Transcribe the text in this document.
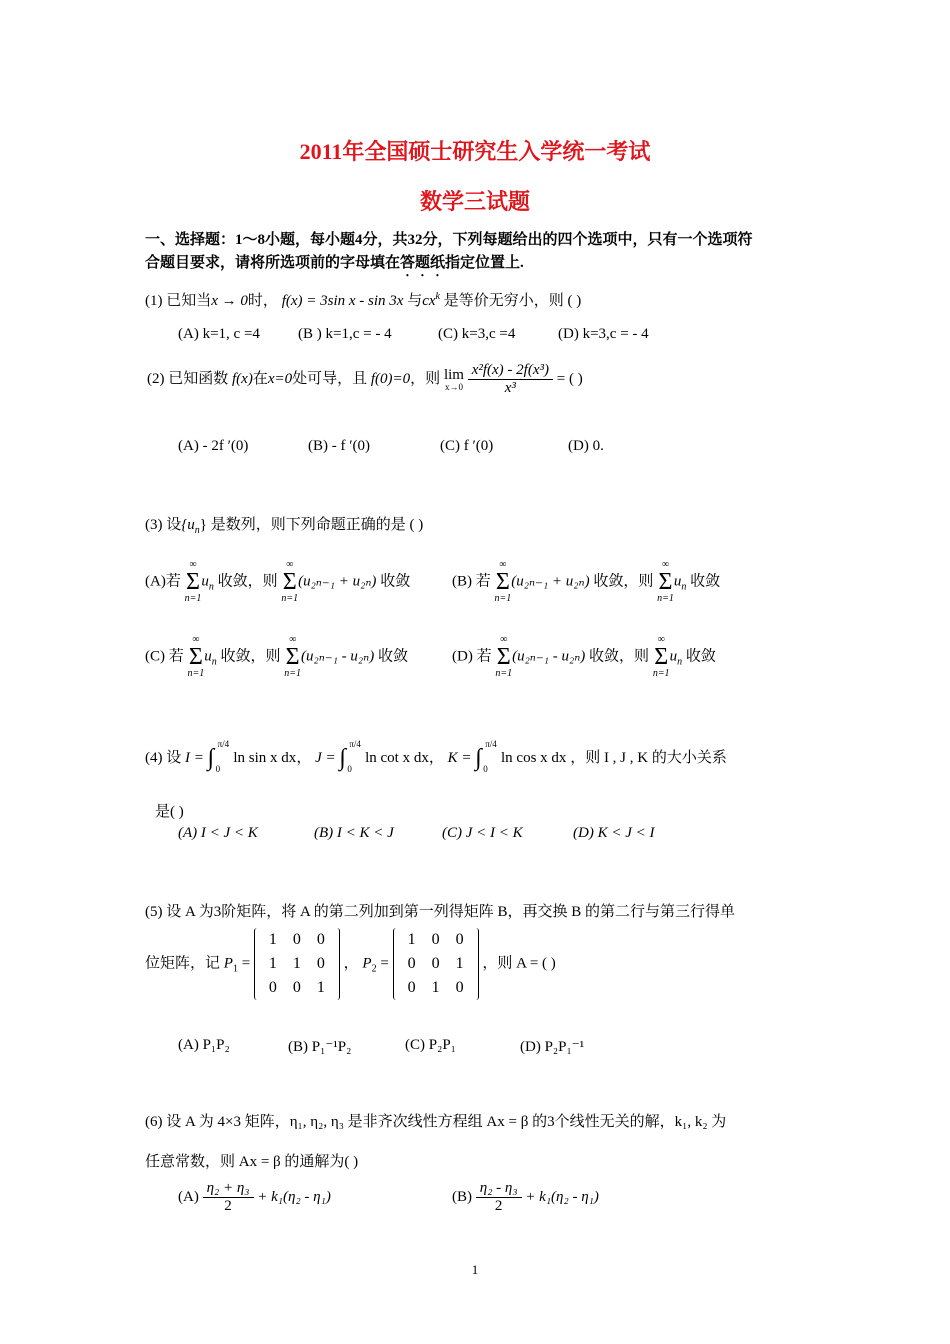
2011年全国硕士研究生入学统一考试
数学三试题
一、选择题：1～8小题，每小题4分，共32分，下列每题给出的四个选项中，只有一个选项符
合题目要求，请将所选项前的字母填在答题纸指定位置上.
(1) 已知当x → 0时， f(x) = 3sin x - sin 3x 与$cx^k$ 是等价无穷小，则 ( )
(A) k=1, c =4	(B ) k=1,c = - 4	(C) k=3,c =4	(D) k=3,c = - 4
(2) 已知函数 f(x)在x=0处可导，且 f(0)=0，则 lim
x→0
$\frac{\text{x²f(x) - 2f(x³)}}{\text{x³}}$ = ( )
(A) - 2f ′(0)	(B) - f ′(0)	(C) f ′(0)	(D) 0.
(3) 设$\{u_n\}$ 是数列，则下列命题正确的是 ( )
(A)若 ∞
Σ
$n=1u_n$ 收敛，则 ∞
Σ
n=1(u₂ₙ₋₁ + u₂ₙ) 收敛	(B) 若 ∞
Σ
n=1(u₂ₙ₋₁ + u₂ₙ) 收敛，则 ∞
Σ
$n=1u_n$ 收敛
(C) 若 ∞
Σ
$n=1u_n$ 收敛，则 ∞
Σ
n=1(u₂ₙ₋₁ - u₂ₙ) 收敛	(D) 若 ∞
Σ
n=1(u₂ₙ₋₁ - u₂ₙ) 收敛，则 ∞
Σ
$n=1u_n$ 收敛
(4) 设 I = ∫
π/4
0
ln sin x dx， J = ∫
π/4
0
ln cot x dx， K = ∫
π/4
0
ln cos x dx ，则 I , J , K 的大小关系
是( )
(A) I < J < K	(B) I < K < J	(C) J < I < K	(D) K < J < I
(5) 设 A 为3阶矩阵，将 A 的第二列加到第一列得矩阵 B，再交换 B 的第二行与第三行得单
位矩阵，记 $P_1$ =
1	0	0
1	1	0
0	0	1
， $P_2$ =
1	0	0
0	0	1
0	1	0
，则 A = ( )
(A) P₁P₂	(B) P₁⁻¹P₂	(C) P₂P₁	(D) P₂P₁⁻¹
(6) 设 A 为 4×3 矩阵，η₁, η₂, η₃ 是非齐次线性方程组 Ax = β 的3个线性无关的解，k₁, k₂ 为
任意常数，则 Ax = β 的通解为( )
$(A) \frac{\text{η₂ + η₃}}{2} + k_1(\eta_2 - \eta_1)$	$(B) \frac{\text{η₂ - η₃}}{2} + k_1(\eta_2 - \eta_1)$
1
